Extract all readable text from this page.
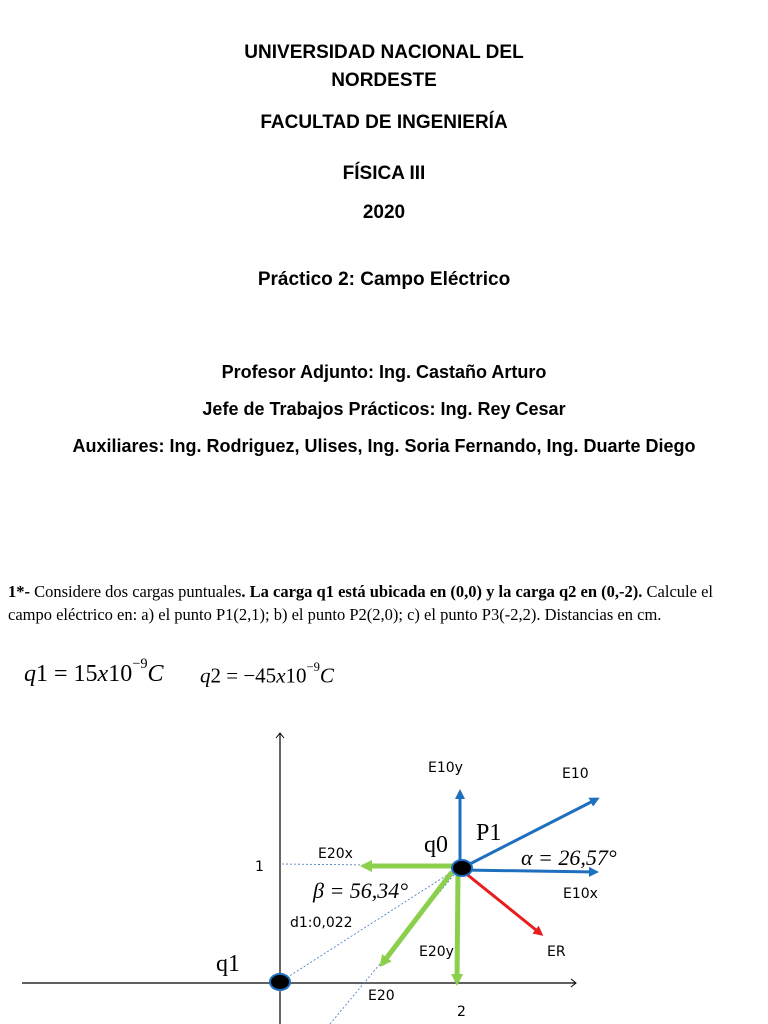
UNIVERSIDAD NACIONAL DEL

NORDESTE

FACULTAD DE INGENIERÍA

FÍSICA III

2020

Práctico 2: Campo Eléctrico

Profesor Adjunto: Ing. Castaño Arturo

Jefe de Trabajos Prácticos: Ing. Rey Cesar

Auxiliares: Ing. Rodriguez, Ulises, Ing. Soria Fernando, Ing. Duarte Diego

1*- Considere dos cargas puntuales. La carga q1 está ubicada en (0,0) y la carga q2 en (0,-2). Calcule el campo eléctrico en: a) el punto P1(2,1); b) el punto P2(2,0); c) el punto P3(-2,2). Distancias en cm.

$q1 = 15x10^{-9}C$ $q2 = -45x10^{-9}C$
E10y	E10
E10x
E20x
E20y
E20
ER
1
2
d1:0,022
q0 P1
q1
α = 26,57°
β = 56,34°
